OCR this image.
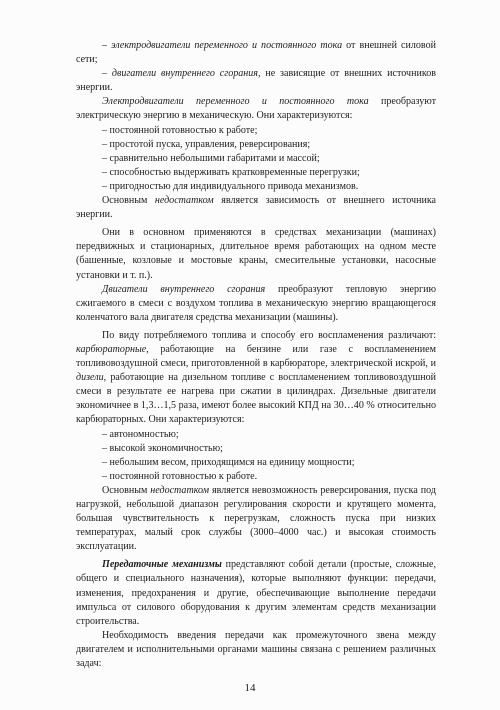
– электродвигатели переменного и постоянного тока от внешней силовой сети;

– двигатели внутреннего сгорания, не зависящие от внешних источников энергии.

Электродвигатели переменного и постоянного тока преобразуют электрическую энергию в механическую. Они характеризуются:

– постоянной готовностью к работе;

– простотой пуска, управления, реверсирования;

– сравнительно небольшими габаритами и массой;

– способностью выдерживать кратковременные перегрузки;

– пригодностью для индивидуального привода механизмов.

Основным недостатком является зависимость от внешнего источника энергии.

Они в основном применяются в средствах механизации (машинах) передвижных и стационарных, длительное время работающих на одном месте (башенные, козловые и мостовые краны, смесительные установки, насосные установки и т. п.).

Двигатели внутреннего сгорания преобразуют тепловую энергию сжигаемого в смеси с воздухом топлива в механическую энергию вращающегося коленчатого вала двигателя средства механизации (машины).

По виду потребляемого топлива и способу его воспламенения различают: карбюраторные, работающие на бензине или газе с воспламенением топливовоздушной смеси, приготовленной в карбюраторе, электрической искрой, и дизели, работающие на дизельном топливе с воспламенением топливовоздушной смеси в результате ее нагрева при сжатии в цилиндрах. Дизельные двигатели экономичнее в 1,3…1,5 раза, имеют более высокий КПД на 30…40 % относительно карбюраторных. Они характеризуются:

– автономностью;

– высокой экономичностью;

– небольшим весом, приходящимся на единицу мощности;

– постоянной готовностью к работе.

Основным недостатком является невозможность реверсирования, пуска под нагрузкой, небольшой диапазон регулирования скорости и крутящего момента, большая чувствительность к перегрузкам, сложность пуска при низких температурах, малый срок службы (3000–4000 час.) и высокая стоимость эксплуатации.

Передаточные механизмы представляют собой детали (простые, сложные, общего и специального назначения), которые выполняют функции: передачи, изменения, предохранения и другие, обеспечивающие выполнение передачи импульса от силового оборудования к другим элементам средств механизации строительства.

Необходимость введения передачи как промежуточного звена между двигателем и исполнительными органами машины связана с решением различных задач:

14
